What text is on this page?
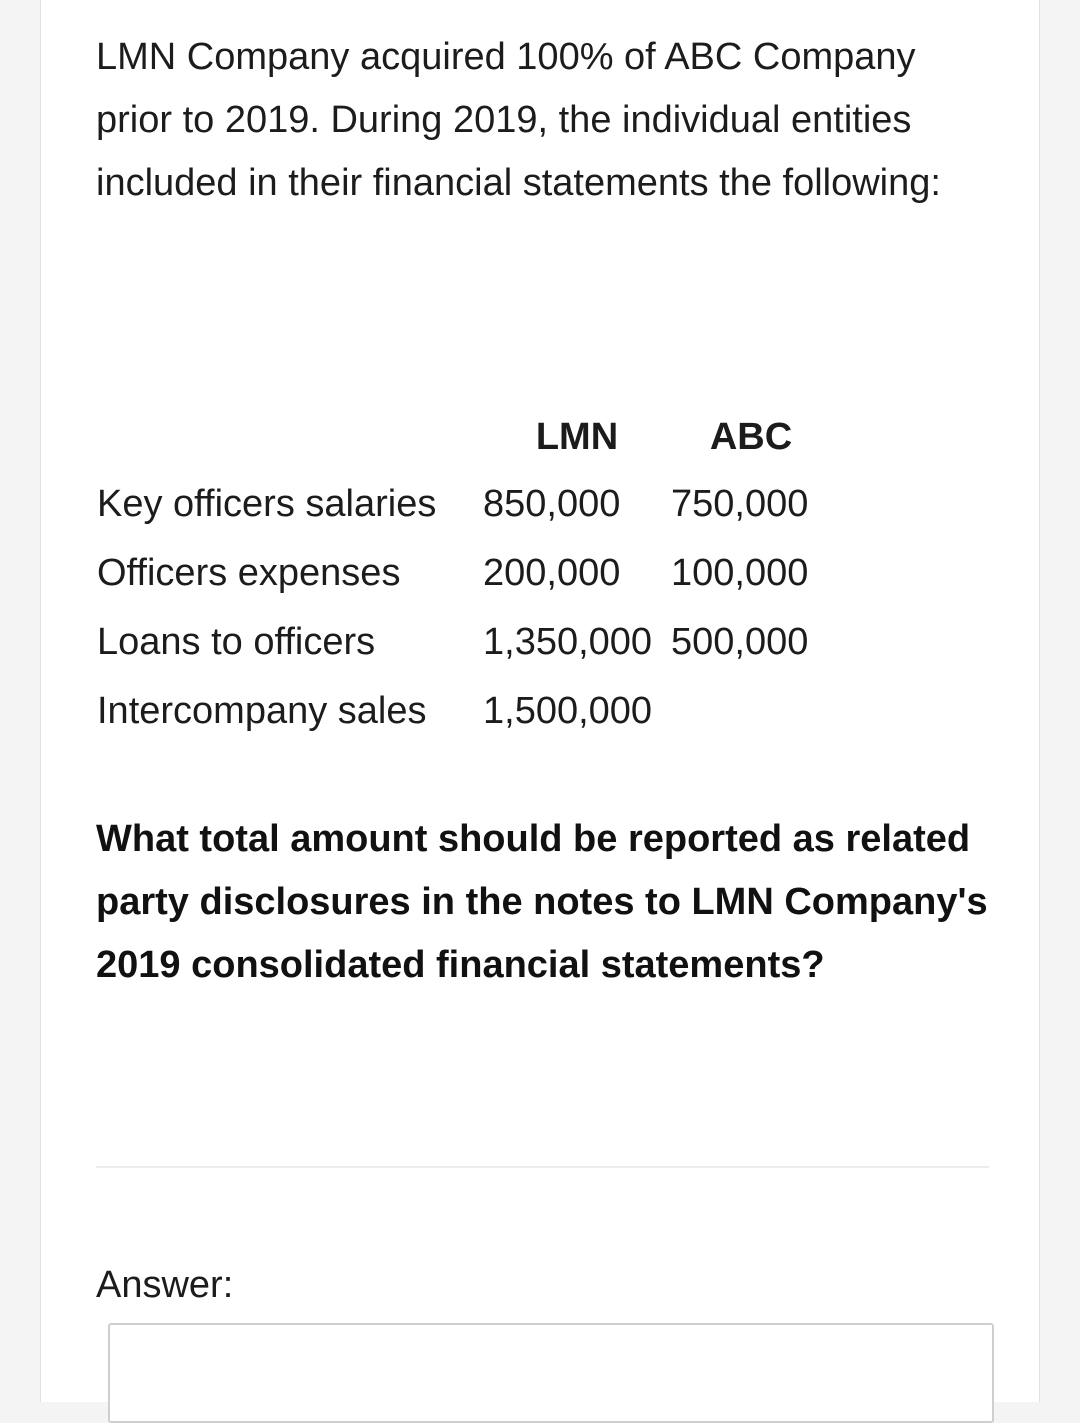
LMN Company acquired 100% of ABC Company prior to 2019. During 2019, the individual entities included in their financial statements the following:

	LMN	ABC
Key officers salaries	850,000	750,000
Officers expenses	200,000	100,000
Loans to officers	1,350,000	500,000
Intercompany sales	1,500,000	

What total amount should be reported as related party disclosures in the notes to LMN Company's 2019 consolidated financial statements?

Answer:
